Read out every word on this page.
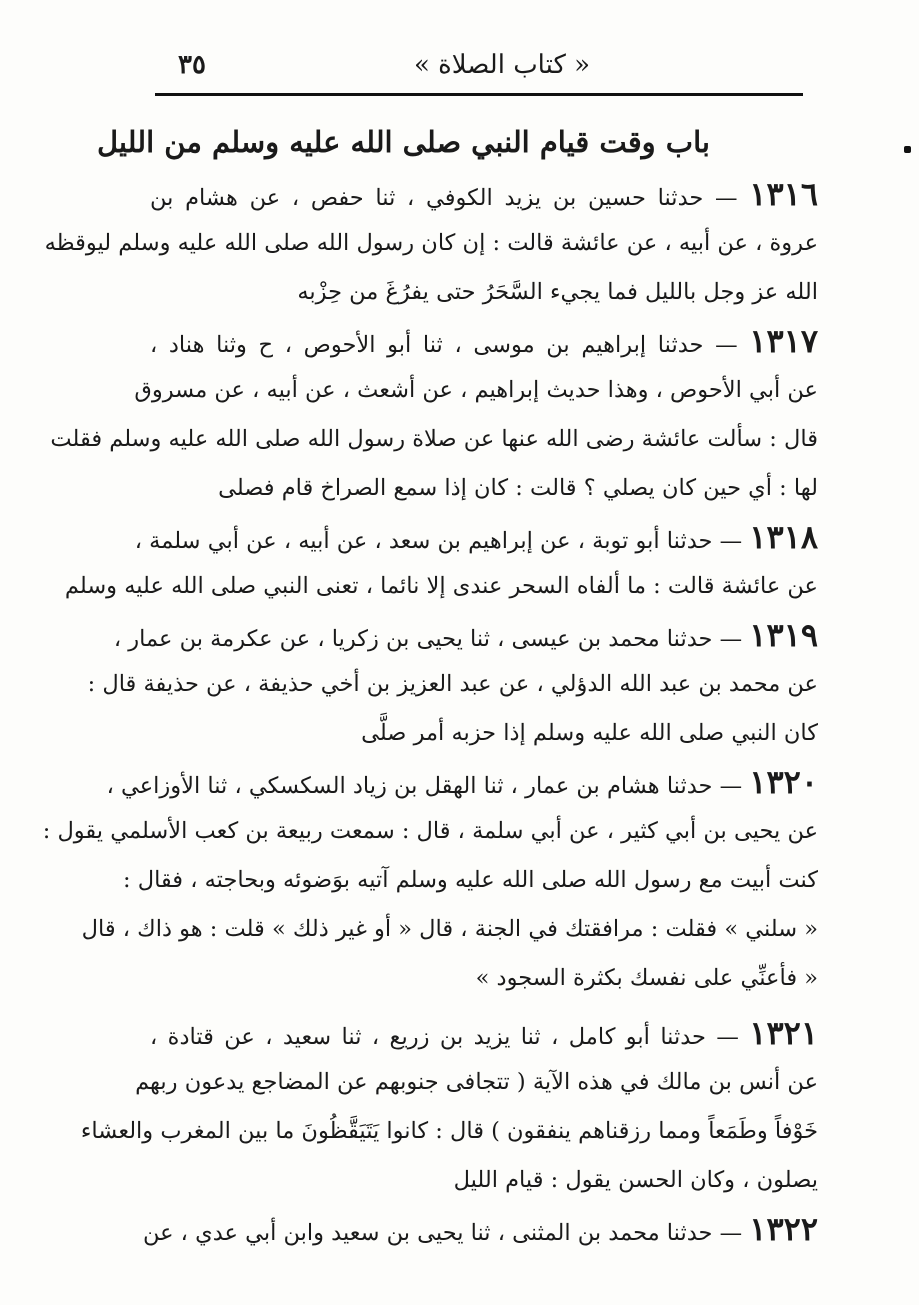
« كتاب الصلاة »
٣٥
باب وقت قيام النبي صلى الله عليه وسلم من الليل
١٣١٦ — حدثنا حسين بن يزيد الكوفي ، ثنا حفص ، عن هشام بن
عروة ، عن أبيه ، عن عائشة قالت : إن كان رسول الله صلى الله عليه وسلم ليوقظه
الله عز وجل بالليل فما يجيء السَّحَرُ حتى يفرُغَ من حِزْبه
١٣١٧ — حدثنا إبراهيم بن موسى ، ثنا أبو الأحوص ، ح وثنا هناد ،
عن أبي الأحوص ، وهذا حديث إبراهيم ، عن أشعث ، عن أبيه ، عن مسروق
قال : سألت عائشة رضى الله عنها عن صلاة رسول الله صلى الله عليه وسلم فقلت
لها : أي حين كان يصلي ؟ قالت : كان إذا سمع الصراخ قام فصلى
١٣١٨ — حدثنا أبو توبة ، عن إبراهيم بن سعد ، عن أبيه ، عن أبي سلمة ،
عن عائشة قالت : ما ألفاه السحر عندى إلا نائما ، تعنى النبي صلى الله عليه وسلم
١٣١٩ — حدثنا محمد بن عيسى ، ثنا يحيى بن زكريا ، عن عكرمة بن عمار ،
عن محمد بن عبد الله الدؤلي ، عن عبد العزيز بن أخي حذيفة ، عن حذيفة قال :
كان النبي صلى الله عليه وسلم إذا حزبه أمر صلَّى
١٣٢٠ — حدثنا هشام بن عمار ، ثنا الهقل بن زياد السكسكي ، ثنا الأوزاعي ،
عن يحيى بن أبي كثير ، عن أبي سلمة ، قال : سمعت ربيعة بن كعب الأسلمي يقول :
كنت أبيت مع رسول الله صلى الله عليه وسلم آتيه بوَضوئه وبحاجته ، فقال :
« سلني » فقلت : مرافقتك في الجنة ، قال « أو غير ذلك » قلت : هو ذاك ، قال
« فأعنِّي على نفسك بكثرة السجود »
١٣٢١ — حدثنا أبو كامل ، ثنا يزيد بن زريع ، ثنا سعيد ، عن قتادة ،
عن أنس بن مالك في هذه الآية ( تتجافى جنوبهم عن المضاجع يدعون ربهم
خَوْفاً وطَمَعاً ومما رزقناهم ينفقون ) قال : كانوا يَتَيَقَّظُونَ ما بين المغرب والعشاء
يصلون ، وكان الحسن يقول : قيام الليل
١٣٢٢ — حدثنا محمد بن المثنى ، ثنا يحيى بن سعيد وابن أبي عدي ، عن
